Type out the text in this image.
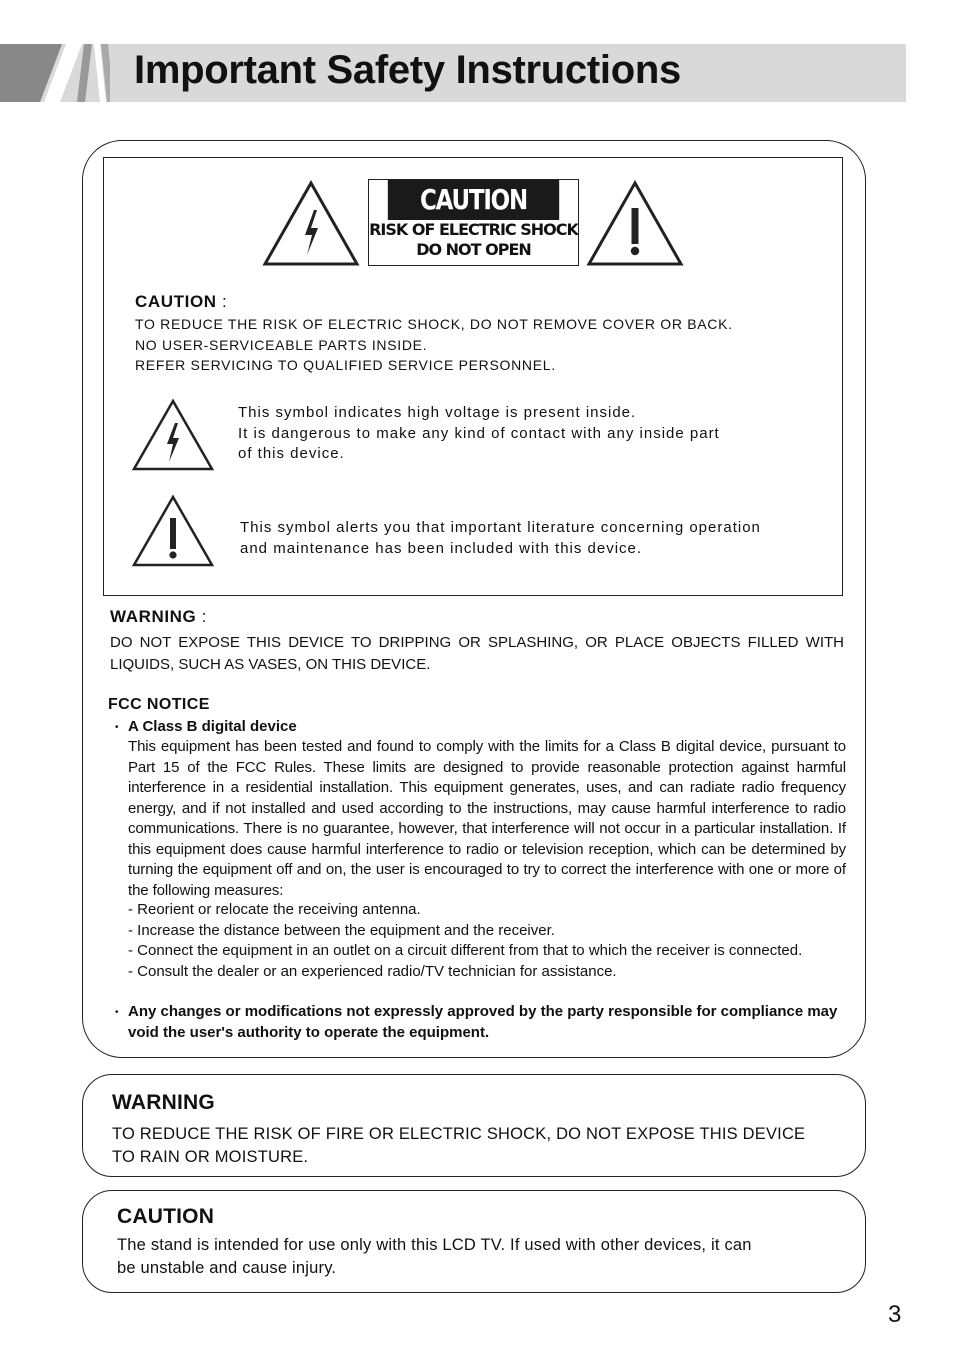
Important Safety Instructions
CAUTION
RISK OF ELECTRIC SHOCK
DO NOT OPEN
CAUTION :
TO REDUCE THE RISK OF ELECTRIC SHOCK, DO NOT REMOVE COVER OR BACK.
NO USER-SERVICEABLE PARTS INSIDE.
REFER SERVICING TO QUALIFIED SERVICE PERSONNEL.
This symbol indicates high voltage is present inside.
It is dangerous to make any kind of contact with any inside part
of this device.
This symbol alerts you that important literature concerning operation
and maintenance has been included with this device.
WARNING :
DO NOT EXPOSE THIS DEVICE TO DRIPPING OR SPLASHING, OR PLACE OBJECTS FILLED WITH LIQUIDS, SUCH AS VASES, ON THIS DEVICE.
FCC NOTICE
• A Class B digital device
This equipment has been tested and found to comply with the limits for a Class B digital device, pursuant to Part 15 of the FCC Rules. These limits are designed to provide reasonable protection against harmful interference in a residential installation. This equipment generates, uses, and can radiate radio frequency energy, and if not installed and used according to the instructions, may cause harmful interference to radio communications. There is no guarantee, however, that interference will not occur in a particular installation. If this equipment does cause harmful interference to radio or television reception, which can be determined by turning the equipment off and on, the user is encouraged to try to correct the interference with one or more of the following measures:
- Reorient or relocate the receiving antenna.
- Increase the distance between the equipment and the receiver.
- Connect the equipment in an outlet on a circuit different from that to which the receiver is connected.
- Consult the dealer or an experienced radio/TV technician for assistance.
• Any changes or modifications not expressly approved by the party responsible for compliance may void the user's authority to operate the equipment.
WARNING
TO REDUCE THE RISK OF FIRE OR ELECTRIC SHOCK, DO NOT EXPOSE THIS DEVICE TO RAIN OR MOISTURE.
CAUTION
The stand is intended for use only with this LCD TV. If used with other devices, it can be unstable and cause injury.
3
